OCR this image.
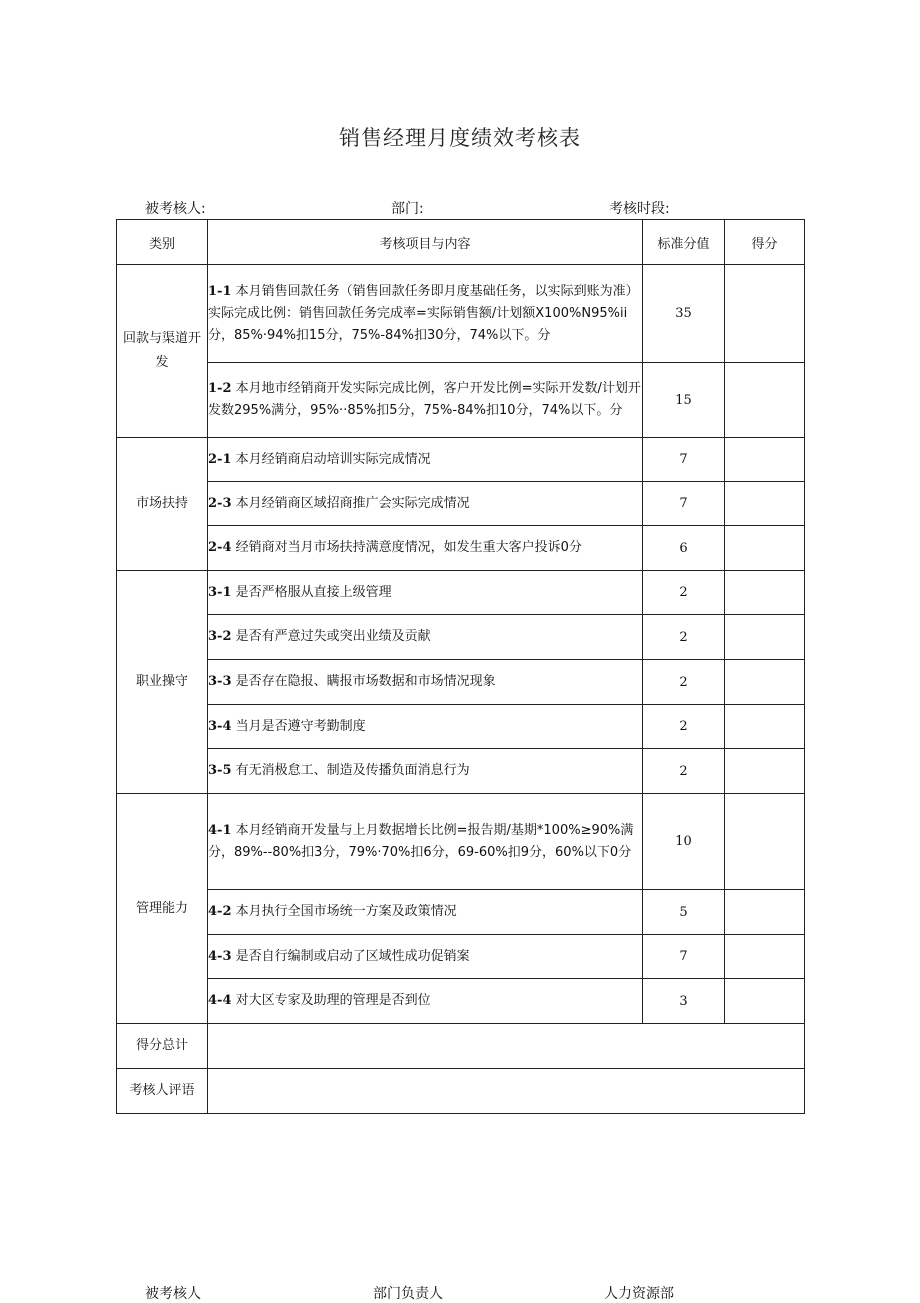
销售经理月度绩效考核表
被考核人:	部门:	考核时段:
类别	考核项目与内容	标准分值	得分
回款与渠道开发	1-1 本月销售回款任务（销售回款任务即月度基础任务，以实际到账为准）实际完成比例：销售回款任务完成率=实际销售额/计划额X100%N95%ii分，85%·94%扣15分，75%-84%扣30分，74%以下。分	35	
	1-2 本月地市经销商开发实际完成比例，客户开发比例=实际开发数/计划开发数295%满分，95%··85%扣5分，75%-84%扣10分，74%以下。分	15	
市场扶持	2-1 本月经销商启动培训实际完成情况	7	
	2-3 本月经销商区域招商推广会实际完成情况	7	
	2-4 经销商对当月市场扶持满意度情况，如发生重大客户投诉0分	6	
职业操守	3-1 是否严格服从直接上级管理	2	
	3-2 是否有严意过失或突出业绩及贡献	2	
	3-3 是否存在隐报、瞒报市场数据和市场情况现象	2	
	3-4 当月是否遵守考勤制度	2	
	3-5 有无消极怠工、制造及传播负面消息行为	2	
管理能力	4-1 本月经销商开发量与上月数据增长比例=报告期/基期*100%≥90%满分，89%--80%扣3分，79%·70%扣6分，69-60%扣9分，60%以下0分	10	
	4-2 本月执行全国市场统一方案及政策情况	5	
	4-3 是否自行编制或启动了区域性成功促销案	7	
	4-4 对大区专家及助理的管理是否到位	3	
得分总计			
考核人评语			
被考核人	部门负责人	人力资源部
